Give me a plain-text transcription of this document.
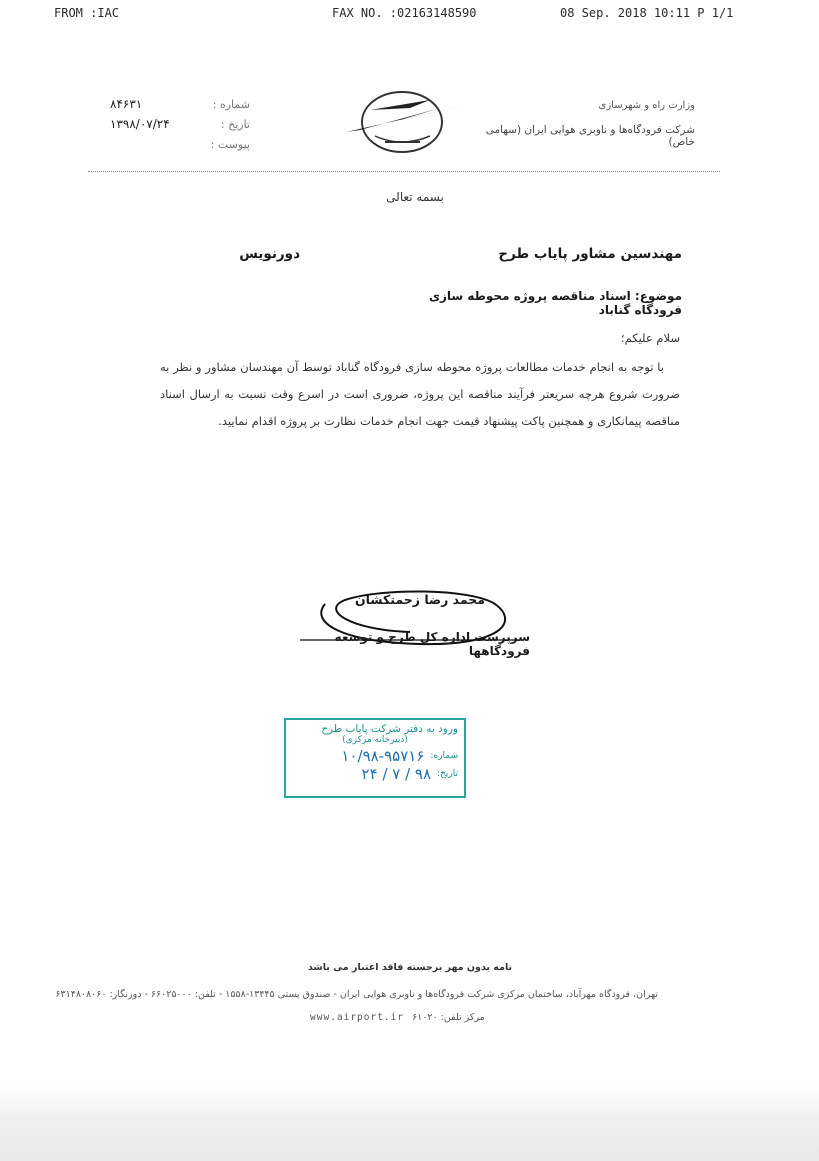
FROM :IAC	FAX NO. :02163148590	08 Sep. 2018 10:11 P 1/1
شماره :
۸۴۶۳۱
تاریخ :
۱۳۹۸/۰۷/۲۴
پیوست :
وزارت راه و شهرسازی
شرکت فرودگاه‌ها و ناوبری هوایی ایران (سهامی خاص)
بسمه تعالی
مهندسین مشاور پایاب طرح
دورنویس
موضوع: اسناد مناقصه پروژه محوطه سازی فرودگاه گناباد
سلام علیکم؛
با توجه به انجام خدمات مطالعات پروژه محوطه سازی فرودگاه گناباد توسط آن مهندسان مشاور و نظر به ضرورت شروع هرچه سریعتر فرآیند مناقصه این پروژه، ضروری است در اسرع وقت نسبت به ارسال اسناد مناقصه پیمانکاری و همچنین پاکت پیشنهاد قیمت جهت انجام خدمات نظارت بر پروژه اقدام نمایید.
محمد رضا زحمتکشان
سرپرست اداره کل طرح و توسعه فرودگاهها
ورود به دفتر شرکت پایاب طرح
(دبیرخانه مرکزی)
شماره:
۱۰/۹۸-۹۵۷۱۶
تاریخ:
۹۸ / ۷ / ۲۴
نامه بدون مهر برجسته فاقد اعتبار می باشد
تهران، فرودگاه مهرآباد، ساختمان مرکزی شرکت فرودگاه‌ها و ناوبری هوایی ایران - صندوق پستی ۱۳۴۴۵-۱۵۵۸ - تلفن: ۶۶۰۲۵۰۰۰ - دورنگار: ۶۳۱۴۸۰۸۰۶۰
www.airport.ir مرکز تلفن: ۶۱۰۲۰
